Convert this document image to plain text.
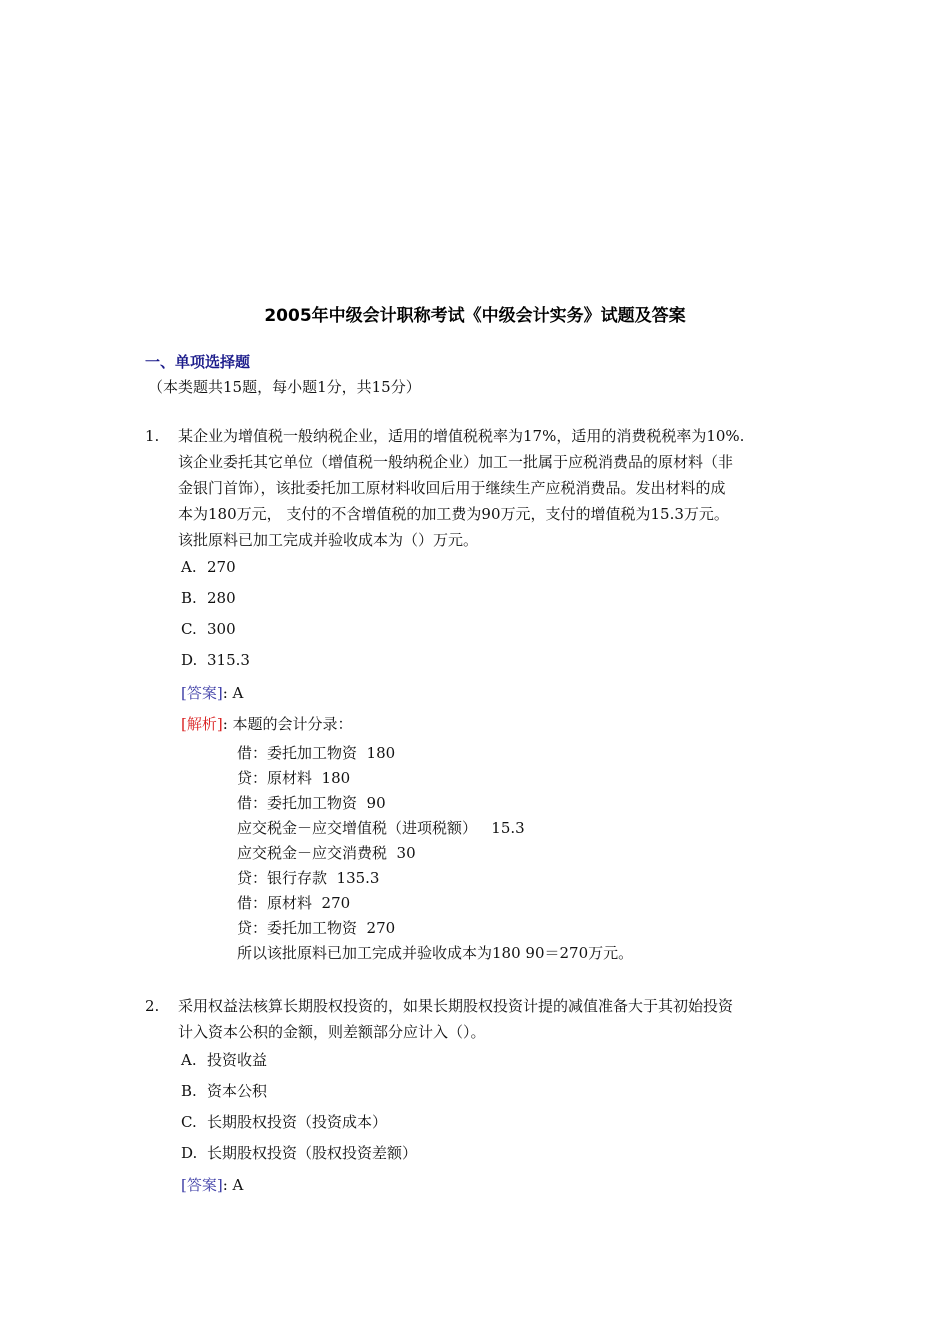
2005年中级会计职称考试《中级会计实务》试题及答案
一、单项选择题
（本类题共15题，每小题1分，共15分）
1. 某企业为增值税一般纳税企业，适用的增值税税率为17%，适用的消费税税率为10%.
该企业委托其它单位（增值税一般纳税企业）加工一批属于应税消费品的原材料（非
金银门首饰），该批委托加工原材料收回后用于继续生产应税消费品。发出材料的成
本为180万元， 支付的不含增值税的加工费为90万元，支付的增值税为15.3万元。
该批原料已加工完成并验收成本为（）万元。
A. 270
B. 280
C. 300
D. 315.3
[答案]: A
[解析]: 本题的会计分录：
借：委托加工物资  180
贷：原材料  180
借：委托加工物资  90
应交税金－应交增值税（进项税额）   15.3
应交税金－应交消费税  30
贷：银行存款  135.3
借：原材料  270
贷：委托加工物资  270
所以该批原料已加工完成并验收成本为180 90＝270万元。
2. 采用权益法核算长期股权投资的，如果长期股权投资计提的减值准备大于其初始投资
计入资本公积的金额，则差额部分应计入（）。
A. 投资收益
B. 资本公积
C. 长期股权投资（投资成本）
D. 长期股权投资（股权投资差额）
[答案]: A
